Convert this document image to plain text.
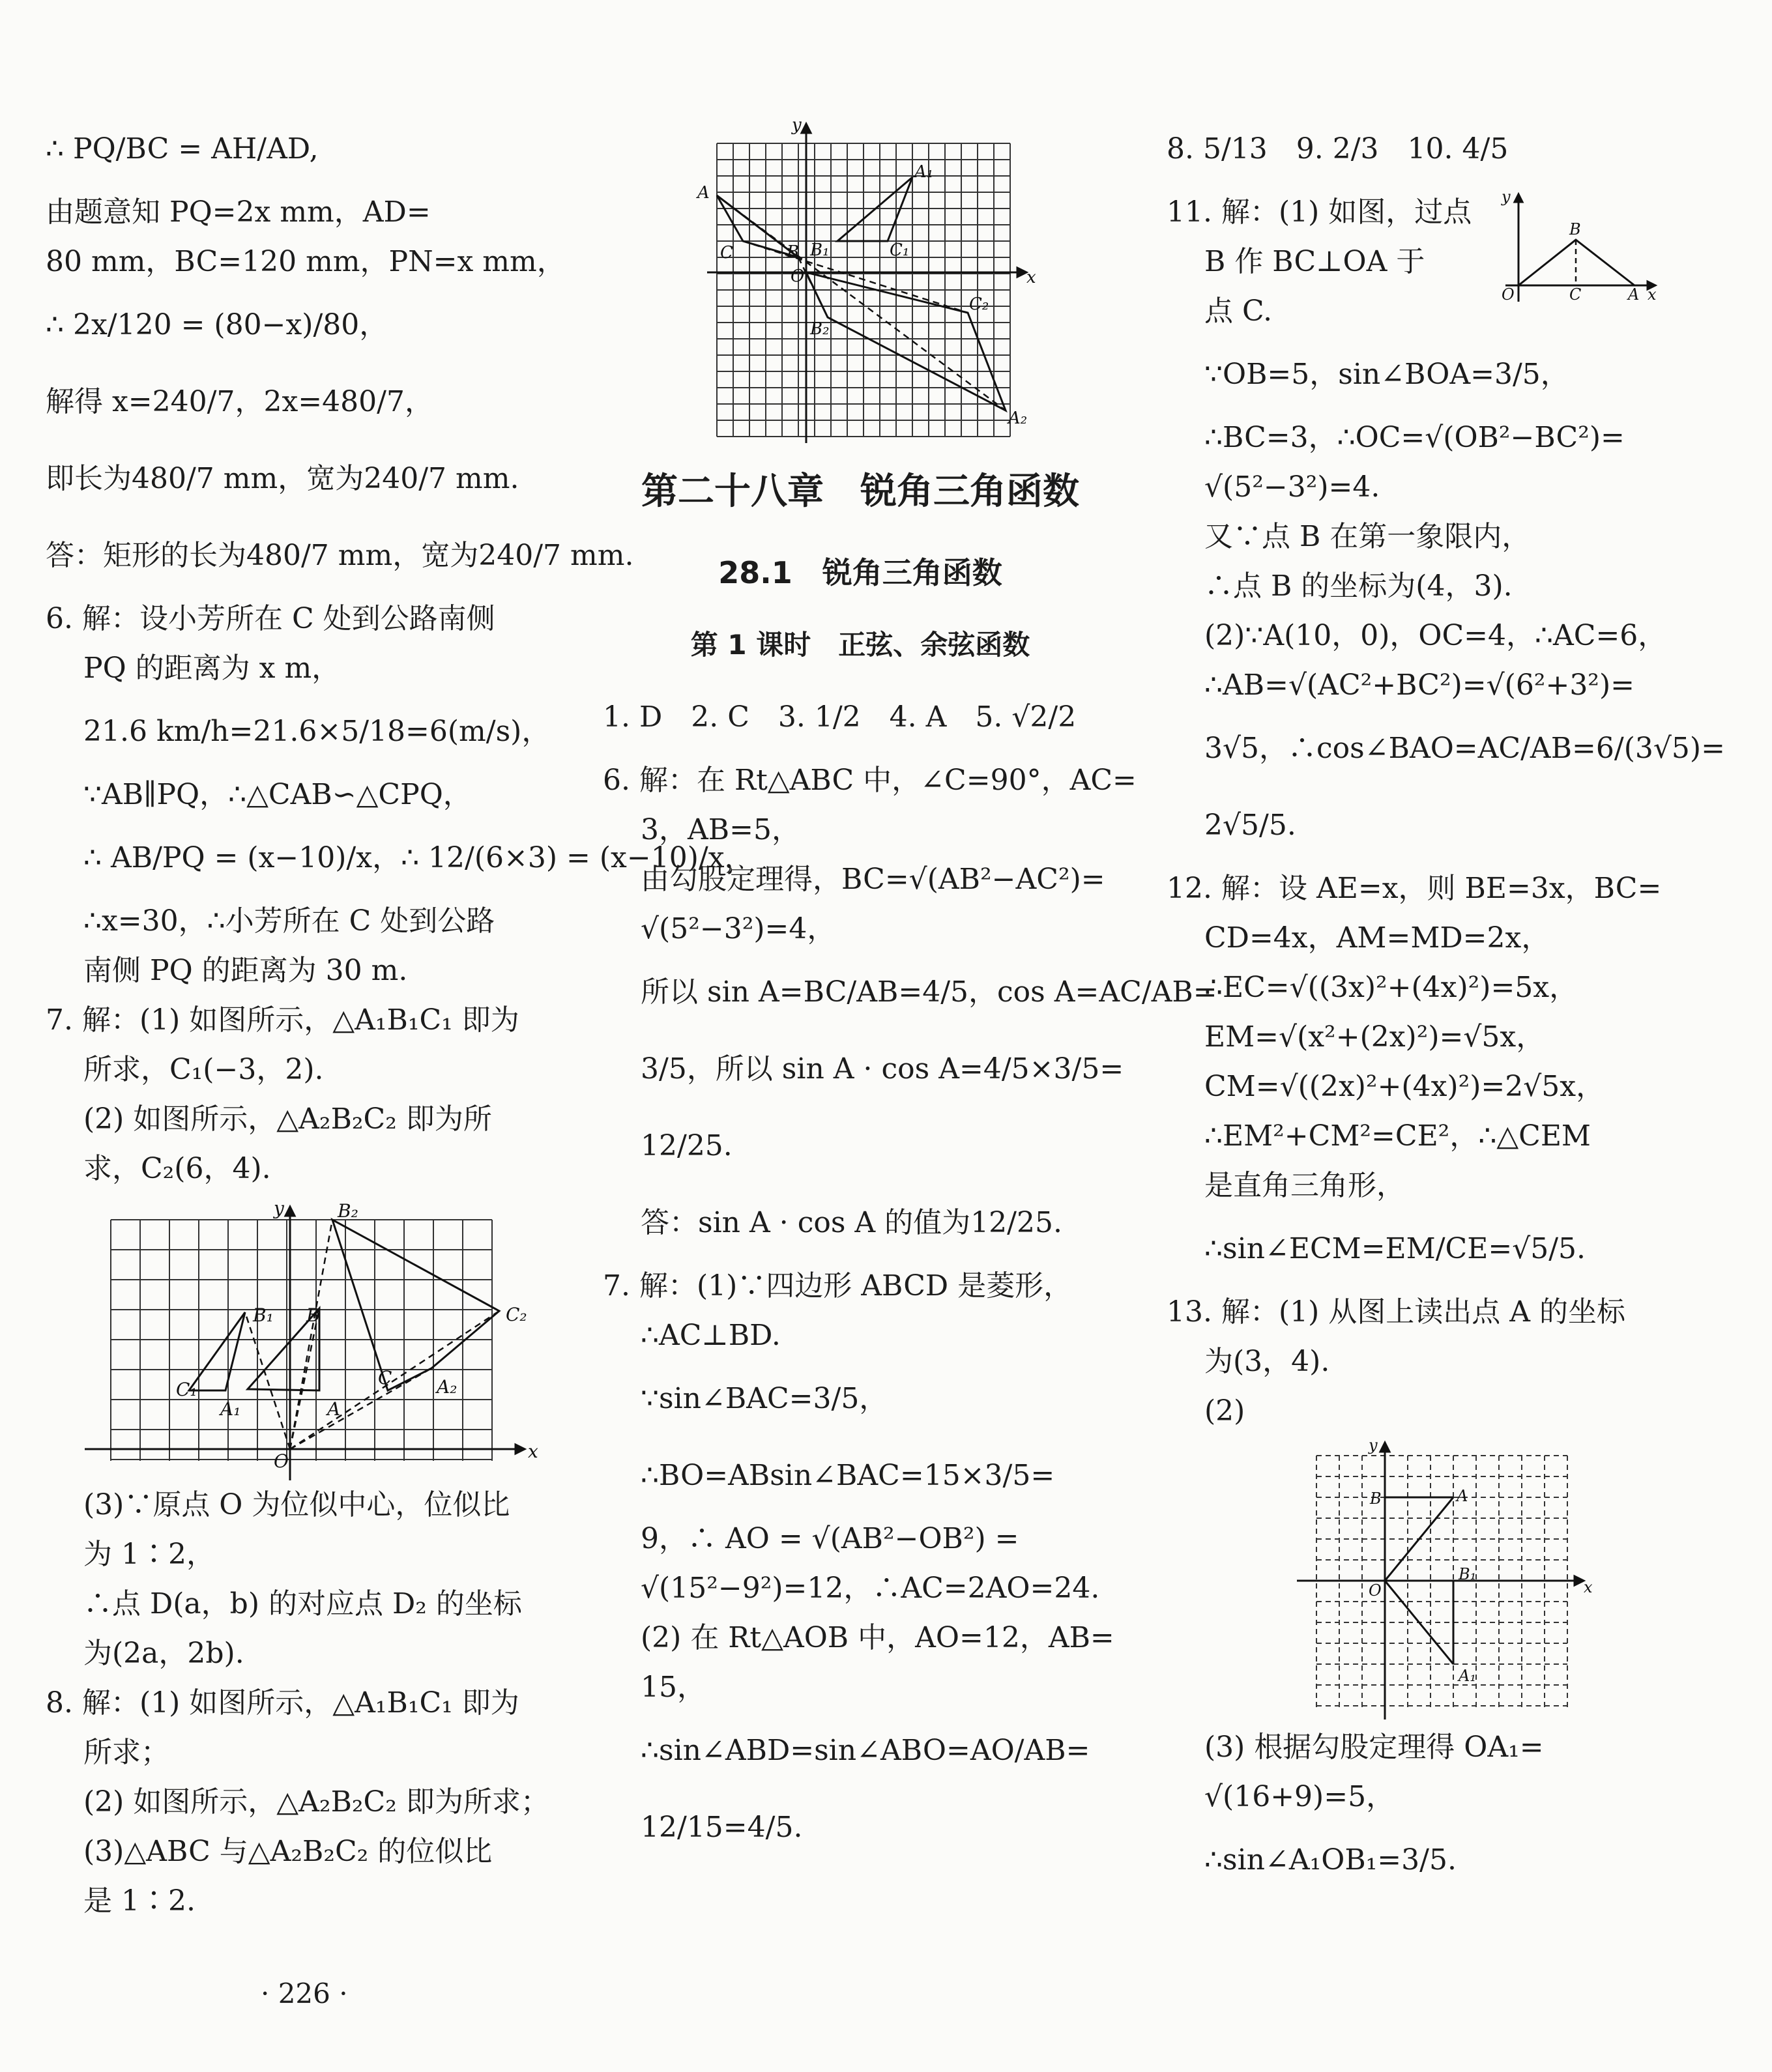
∴ PQ/BC = AH/AD,
由题意知 PQ=2x mm，AD=
80 mm，BC=120 mm，PN=x mm，
∴ 2x/120 = (80−x)/80，
解得 x=240/7，2x=480/7，
即长为480/7 mm，宽为240/7 mm.
答：矩形的长为480/7 mm，宽为240/7 mm.
6. 解：设小芳所在 C 处到公路南侧
PQ 的距离为 x m，
21.6 km/h=21.6×5/18=6(m/s)，
∵AB∥PQ，∴△CAB∽△CPQ，
∴ AB/PQ = (x−10)/x，∴ 12/(6×3) = (x−10)/x，
∴x=30，∴小芳所在 C 处到公路
南侧 PQ 的距离为 30 m.
7. 解：(1) 如图所示，△A₁B₁C₁ 即为
所求，C₁(−3，2).
(2) 如图所示，△A₂B₂C₂ 即为所
求，C₂(6，4).
y
x
O
B₁
C₁
A₁
B
C
A
B₂
C₂
A₂
(3)∵原点 O 为位似中心，位似比
为 1∶2，
∴点 D(a，b) 的对应点 D₂ 的坐标
为(2a，2b).
8. 解：(1) 如图所示，△A₁B₁C₁ 即为
所求；
(2) 如图所示，△A₂B₂C₂ 即为所求；
(3)△ABC 与△A₂B₂C₂ 的位似比
是 1∶2.
y
x
O
A
C	B B₁	C₁
A₁
C₂
B₂
A₂
第二十八章　锐角三角函数
28.1　锐角三角函数
第 1 课时　正弦、余弦函数
1. D　2. C　3. 1/2　4. A　5. √2/2
6. 解：在 Rt△ABC 中，∠C=90°，AC=
3，AB=5，
由勾股定理得，BC=√(AB²−AC²)=
√(5²−3²)=4，
所以 sin A=BC/AB=4/5，cos A=AC/AB=
3/5，所以 sin A · cos A=4/5×3/5=
12/25.
答：sin A · cos A 的值为12/25.
7. 解：(1)∵四边形 ABCD 是菱形，
∴AC⊥BD.
∵sin∠BAC=3/5，
∴BO=ABsin∠BAC=15×3/5=
9，∴ AO = √(AB²−OB²) =
√(15²−9²)=12，∴AC=2AO=24.
(2) 在 Rt△AOB 中，AO=12，AB=
15，
∴sin∠ABD=sin∠ABO=AO/AB=
12/15=4/5.
8. 5/13　9. 2/3　10. 4/5
11. 解：(1) 如图，过点
B 作 BC⊥OA 于
点 C.
y
x
O
B
C	A
∵OB=5，sin∠BOA=3/5，
∴BC=3，∴OC=√(OB²−BC²)=
√(5²−3²)=4.
又∵点 B 在第一象限内，
∴点 B 的坐标为(4，3).
(2)∵A(10，0)，OC=4，∴AC=6，
∴AB=√(AC²+BC²)=√(6²+3²)=
3√5，∴cos∠BAO=AC/AB=6/(3√5)=
2√5/5.
12. 解：设 AE=x，则 BE=3x，BC=
CD=4x，AM=MD=2x，
∴EC=√((3x)²+(4x)²)=5x，
EM=√(x²+(2x)²)=√5x，
CM=√((2x)²+(4x)²)=2√5x，
∴EM²+CM²=CE²，∴△CEM
是直角三角形，
∴sin∠ECM=EM/CE=√5/5.
13. 解：(1) 从图上读出点 A 的坐标
为(3，4).
(2)
y
x
O
B	A
B₁
A₁
(3) 根据勾股定理得 OA₁=
√(16+9)=5，
∴sin∠A₁OB₁=3/5.
· 226 ·
